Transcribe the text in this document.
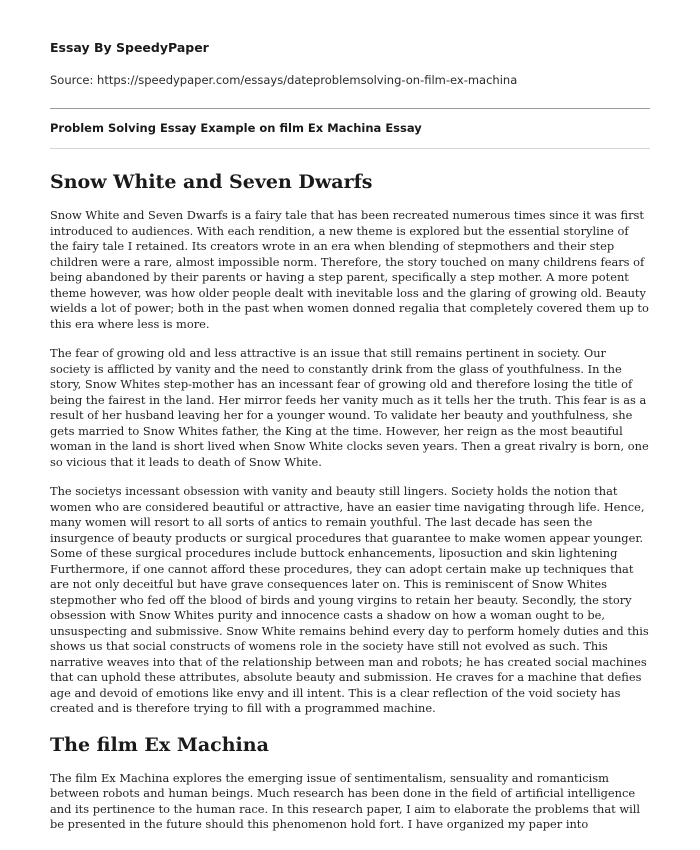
Essay By SpeedyPaper
Source: https://speedypaper.com/essays/dateproblemsolving-on-film-ex-machina
Problem Solving Essay Example on film Ex Machina Essay
Snow White and Seven Dwarfs

Snow White and Seven Dwarfs is a fairy tale that has been recreated numerous times since it was first introduced to audiences. With each rendition, a new theme is explored but the essential storyline of the fairy tale I retained. Its creators wrote in an era when blending of stepmothers and their step children were a rare, almost impossible norm. Therefore, the story touched on many childrens fears of being abandoned by their parents or having a step parent, specifically a step mother. A more potent theme however, was how older people dealt with inevitable loss and the glaring of growing old. Beauty wields a lot of power; both in the past when women donned regalia that completely covered them up to this era where less is more.

The fear of growing old and less attractive is an issue that still remains pertinent in society. Our society is afflicted by vanity and the need to constantly drink from the glass of youthfulness. In the story, Snow Whites step-mother has an incessant fear of growing old and therefore losing the title of being the fairest in the land. Her mirror feeds her vanity much as it tells her the truth. This fear is as a result of her husband leaving her for a younger wound. To validate her beauty and youthfulness, she gets married to Snow Whites father, the King at the time. However, her reign as the most beautiful woman in the land is short lived when Snow White clocks seven years. Then a great rivalry is born, one so vicious that it leads to death of Snow White.

The societys incessant obsession with vanity and beauty still lingers. Society holds the notion that women who are considered beautiful or attractive, have an easier time navigating through life. Hence, many women will resort to all sorts of antics to remain youthful. The last decade has seen the insurgence of beauty products or surgical procedures that guarantee to make women appear younger. Some of these surgical procedures include buttock enhancements, liposuction and skin lightening Furthermore, if one cannot afford these procedures, they can adopt certain make up techniques that are not only deceitful but have grave consequences later on. This is reminiscent of Snow Whites stepmother who fed off the blood of birds and young virgins to retain her beauty. Secondly, the story obsession with Snow Whites purity and innocence casts a shadow on how a woman ought to be, unsuspecting and submissive. Snow White remains behind every day to perform homely duties and this shows us that social constructs of womens role in the society have still not evolved as such. This narrative weaves into that of the relationship between man and robots; he has created social machines that can uphold these attributes, absolute beauty and submission. He craves for a machine that defies age and devoid of emotions like envy and ill intent. This is a clear reflection of the void society has created and is therefore trying to fill with a programmed machine.

The film Ex Machina

The film Ex Machina explores the emerging issue of sentimentalism, sensuality and romanticism between robots and human beings. Much research has been done in the field of artificial intelligence and its pertinence to the human race. In this research paper, I aim to elaborate the problems that will be presented in the future should this phenomenon hold fort. I have organized my paper into
